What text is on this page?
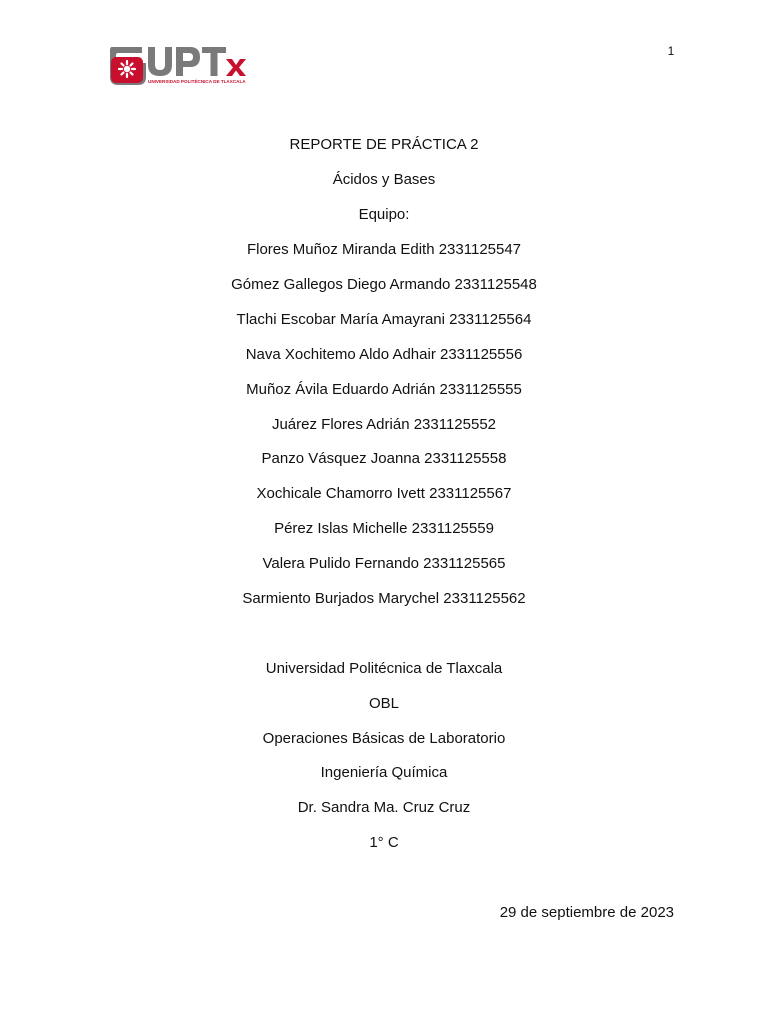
1
UNIVERSIDAD POLITÉCNICA DE TLAXCALA
REPORTE DE PRÁCTICA 2
Ácidos y Bases
Equipo:
Flores Muñoz Miranda Edith 2331125547
Gómez Gallegos Diego Armando 2331125548
Tlachi Escobar María Amayrani 2331125564
Nava Xochitemo Aldo Adhair 2331125556
Muñoz Ávila Eduardo Adrián 2331125555
Juárez Flores Adrián 2331125552
Panzo Vásquez Joanna 2331125558
Xochicale Chamorro Ivett 2331125567
Pérez Islas Michelle 2331125559
Valera Pulido Fernando 2331125565
Sarmiento Burjados Marychel 2331125562
Universidad Politécnica de Tlaxcala
OBL
Operaciones Básicas de Laboratorio
Ingeniería Química
Dr. Sandra Ma. Cruz Cruz
1° C
29 de septiembre de 2023
